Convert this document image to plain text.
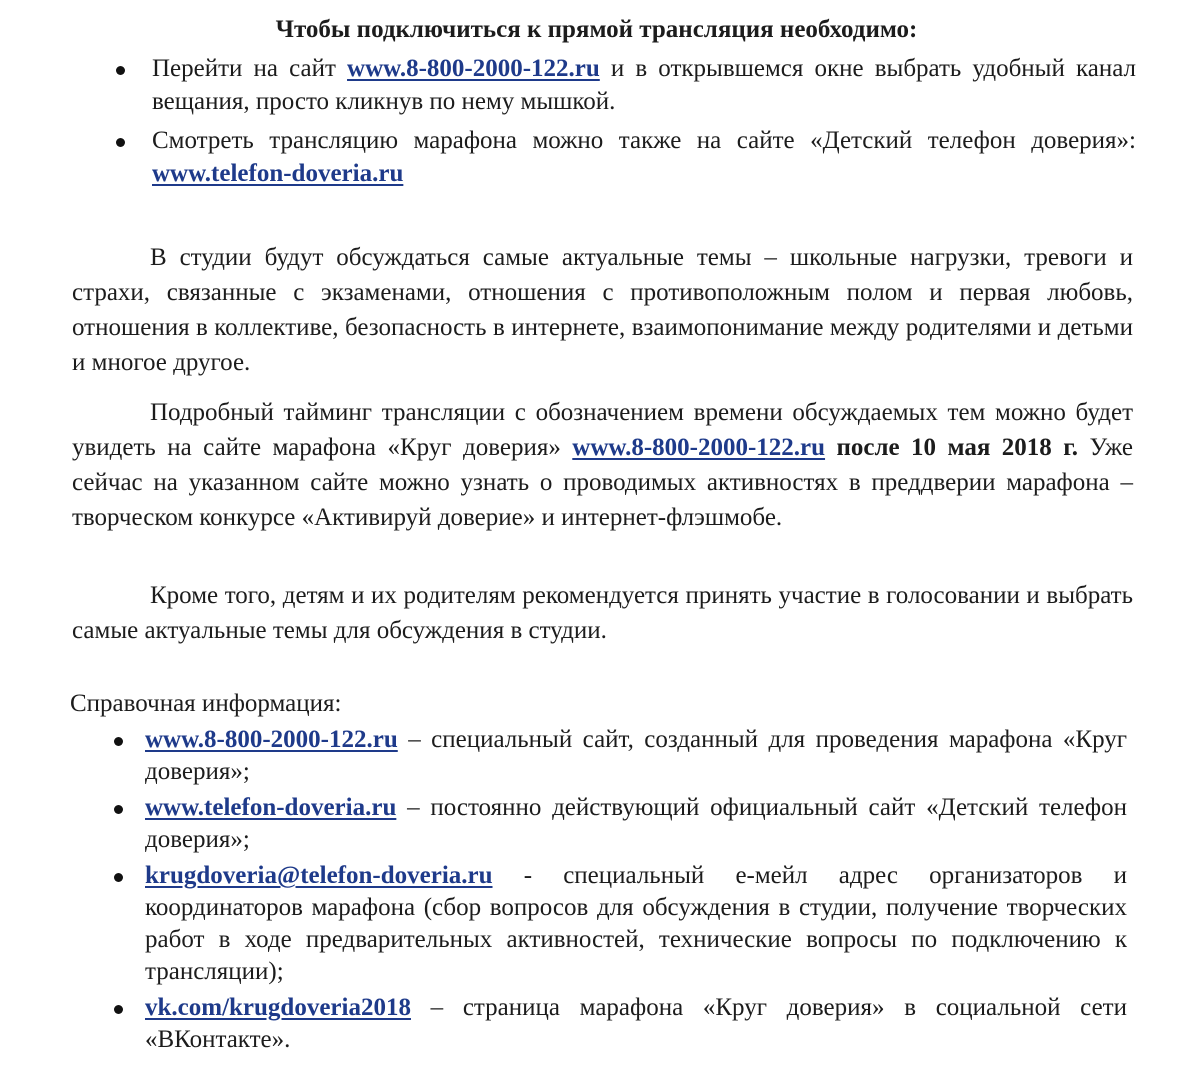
Чтобы подключиться к прямой трансляция необходимо:
Перейти на сайт www.8-800-2000-122.ru и в открывшемся окне выбрать удобный канал вещания, просто кликнув по нему мышкой.
Смотреть трансляцию марафона можно также на сайте «Детский телефон доверия»: www.telefon-doveria.ru

В студии будут обсуждаться самые актуальные темы – школьные нагрузки, тревоги и страхи, связанные с экзаменами, отношения с противоположным полом и первая любовь, отношения в коллективе, безопасность в интернете, взаимопонимание между родителями и детьми и многое другое.

Подробный тайминг трансляции с обозначением времени обсуждаемых тем можно будет увидеть на сайте марафона «Круг доверия» www.8-800-2000-122.ru после 10 мая 2018 г. Уже сейчас на указанном сайте можно узнать о проводимых активностях в преддверии марафона – творческом конкурсе «Активируй доверие» и интернет-флэшмобе.

Кроме того, детям и их родителям рекомендуется принять участие в голосовании и выбрать самые актуальные темы для обсуждения в студии.

Справочная информация:

www.8-800-2000-122.ru – специальный сайт, созданный для проведения марафона «Круг доверия»;
www.telefon-doveria.ru – постоянно действующий официальный сайт «Детский телефон доверия»;
krugdoveria@telefon-doveria.ru - специальный е-мейл адрес организаторов и координаторов марафона (сбор вопросов для обсуждения в студии, получение творческих работ в ходе предварительных активностей, технические вопросы по подключению к трансляции);
vk.com/krugdoveria2018 – страница марафона «Круг доверия» в социальной сети «ВКонтакте».
